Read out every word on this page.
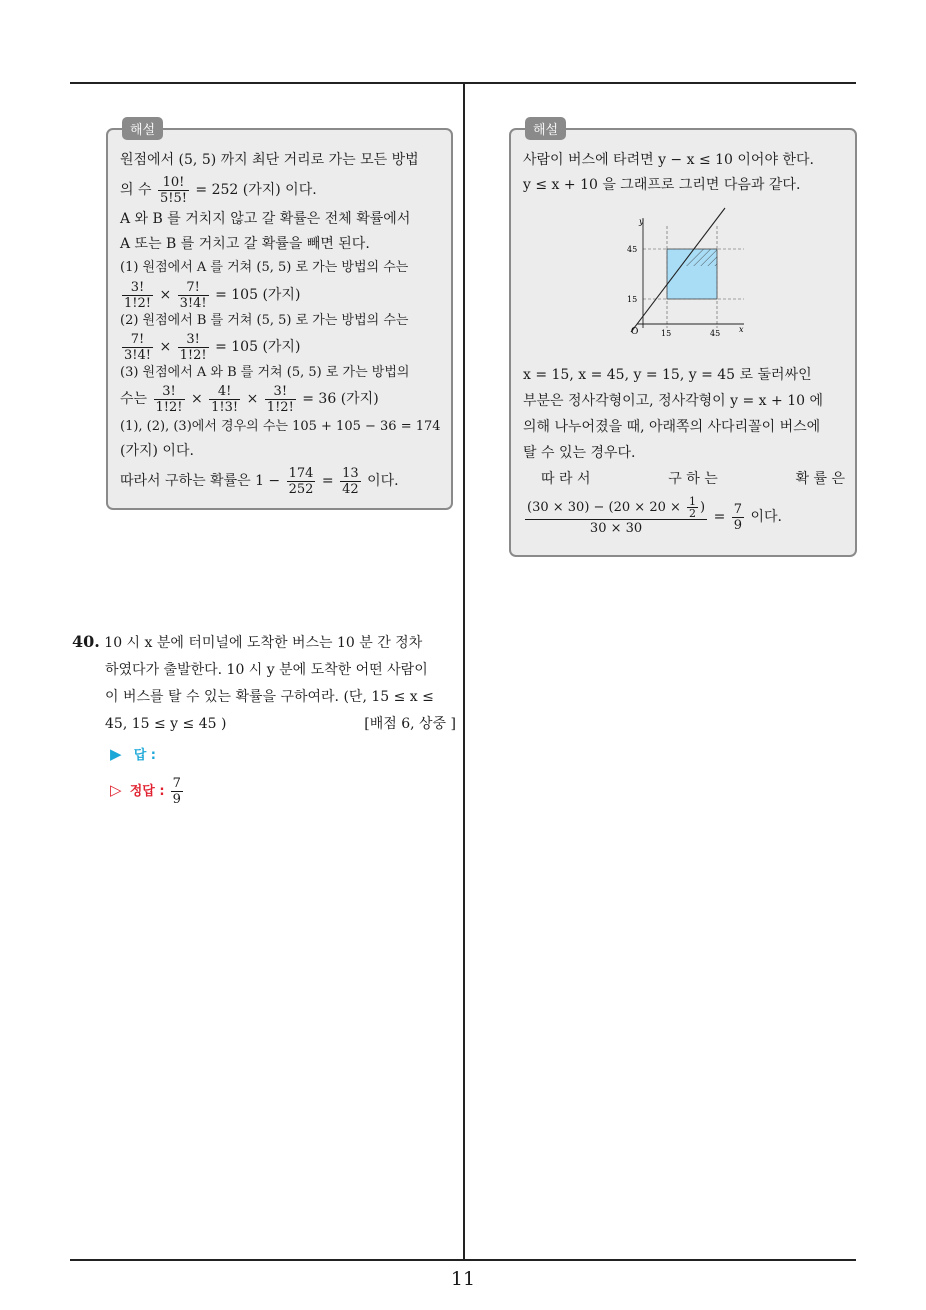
해설
원점에서 (5, 5) 까지 최단 거리로 가는 모든 방법
의 수 $\frac{10!}{5!5!} = 252$ (가지) 이다.
A 와 B 를 거치지 않고 갈 확률은 전체 확률에서
A 또는 B 를 거치고 갈 확률을 빼면 된다.
(1) 원점에서 A 를 거쳐 (5, 5) 로 가는 방법의 수는
$\frac{3!}{1!2!} \times \frac{7!}{3!4!} = 105$ (가지)
(2) 원점에서 B 를 거쳐 (5, 5) 로 가는 방법의 수는
$\frac{7!}{3!4!} \times \frac{3!}{1!2!} = 105$ (가지)
(3) 원점에서 A 와 B 를 거쳐 (5, 5) 로 가는 방법의
수는 $\frac{3!}{1!2!} \times \frac{4!}{1!3!} \times \frac{3!}{1!2!} = 36$ (가지)
(1), (2), (3)에서 경우의 수는 105 + 105 − 36 = 174
(가지) 이다.
따라서 구하는 확률은 $1 - \frac{174}{252} = \frac{13}{42}$ 이다.
해설
사람이 버스에 타려면 y − x ≤ 10 이어야 한다.
y ≤ x + 10 을 그래프로 그리면 다음과 같다.
y
x
O
45
15
15	45
x = 15, x = 45, y = 15, y = 45 로 둘러싸인
부분은 정사각형이고, 정사각형이 y = x + 10 에
의해 나누어졌을 때, 아래쪽의 사다리꼴이 버스에
탈 수 있는 경우다.
따 라 서	구 하 는	확 률 은
$\frac{(30 \times 30) - (20 \times 20 \times \frac{1}{2} )}{30 \times 30} = \frac{7}{9}$ 이다.
40. 10 시 x 분에 터미널에 도착한 버스는 10 분 간 정차
하였다가 출발한다. 10 시 y 분에 도착한 어떤 사람이
이 버스를 탈 수 있는 확률을 구하여라. (단, 15 ≤ x ≤
45, 15 ≤ y ≤ 45 )	[배점 6, 상중 ]
▶ 답 :
▷ 정답 : $\frac{7}{9}$
11
